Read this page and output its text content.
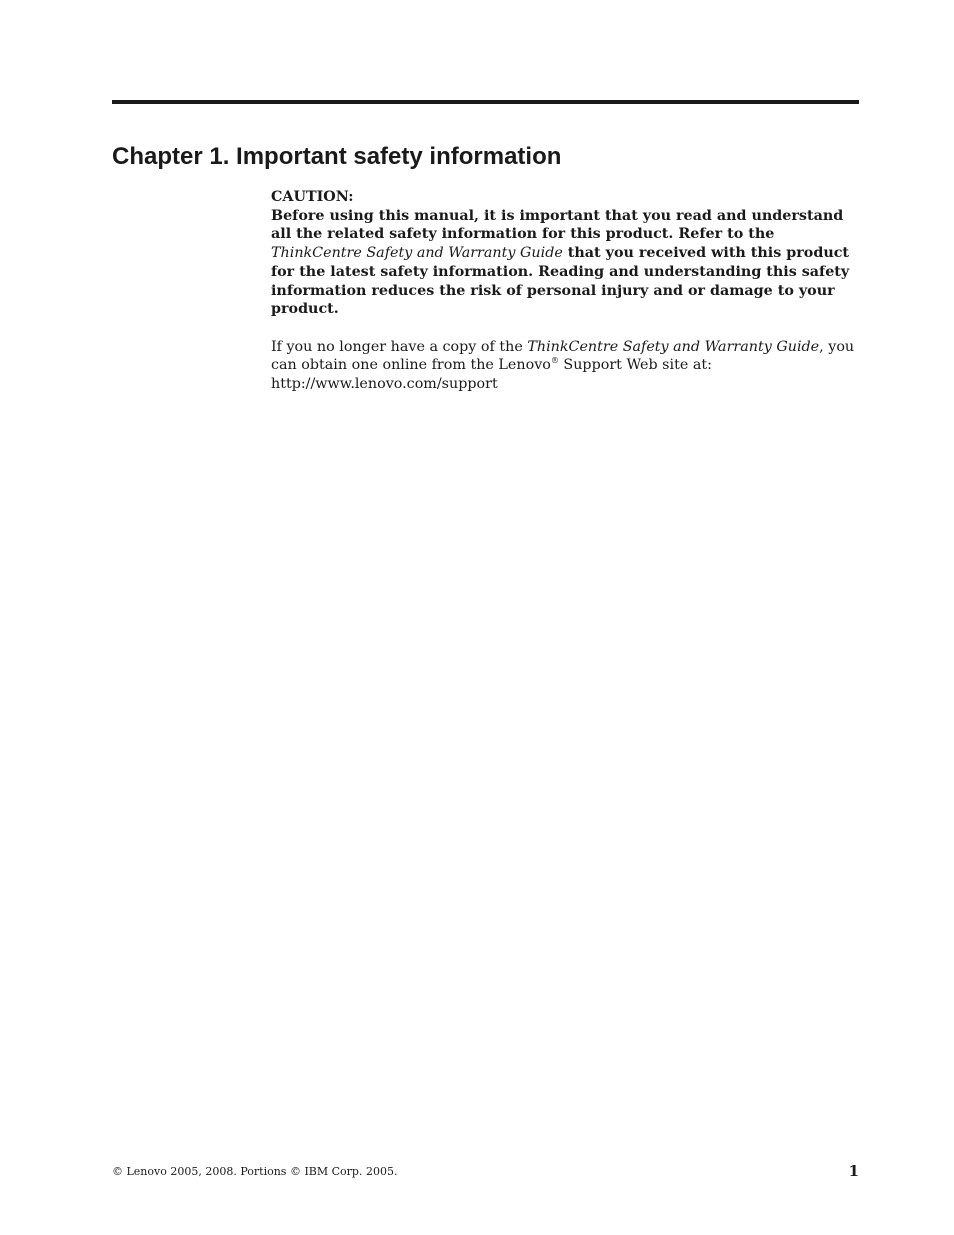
Chapter 1. Important safety information

CAUTION:

Before using this manual, it is important that you read and understand all the related safety information for this product. Refer to the ThinkCentre Safety and Warranty Guide that you received with this product for the latest safety information. Reading and understanding this safety information reduces the risk of personal injury and or damage to your product.

If you no longer have a copy of the ThinkCentre Safety and Warranty Guide, you can obtain one online from the Lenovo® Support Web site at:

http://www.lenovo.com/support

© Lenovo 2005, 2008. Portions © IBM Corp. 2005.	1
